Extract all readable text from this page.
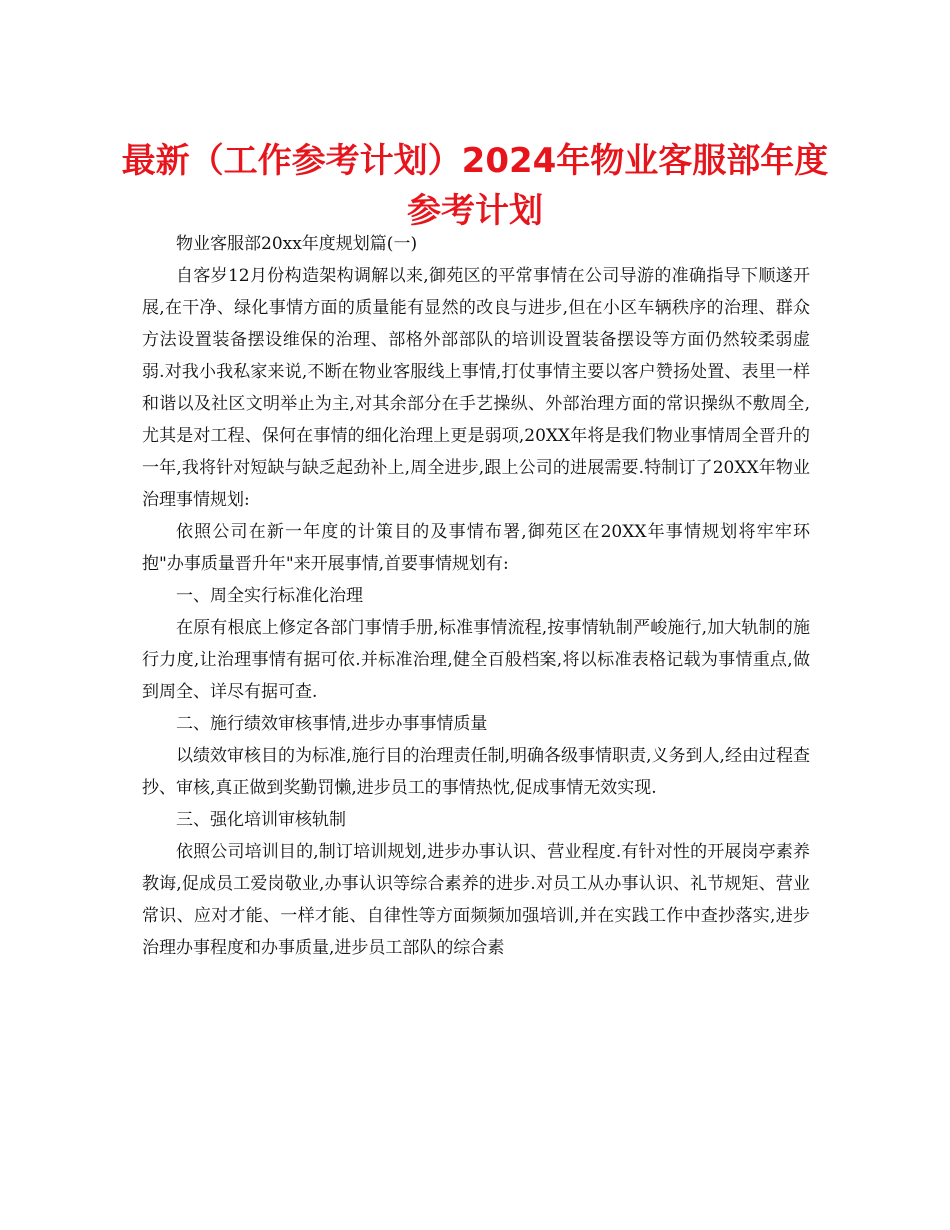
最新（工作参考计划）2024年物业客服部年度参考计划

物业客服部20xx年度规划篇(一)

自客岁12月份构造架构调解以来,御苑区的平常事情在公司导游的准确指导下顺遂开展,在干净、绿化事情方面的质量能有显然的改良与进步,但在小区车辆秩序的治理、群众方法设置装备摆设维保的治理、部格外部部队的培训设置装备摆设等方面仍然较柔弱虚弱.对我小我私家来说,不断在物业客服线上事情,打仗事情主要以客户赞扬处置、表里一样和谐以及社区文明举止为主,对其余部分在手艺操纵、外部治理方面的常识操纵不敷周全,尤其是对工程、保何在事情的细化治理上更是弱项,20XX年将是我们物业事情周全晋升的一年,我将针对短缺与缺乏起劲补上,周全进步,跟上公司的进展需要.特制订了20XX年物业治理事情规划:

依照公司在新一年度的计策目的及事情布署,御苑区在20XX年事情规划将牢牢环抱"办事质量晋升年"来开展事情,首要事情规划有:

一、周全实行标准化治理

在原有根底上修定各部门事情手册,标准事情流程,按事情轨制严峻施行,加大轨制的施行力度,让治理事情有据可依.并标准治理,健全百般档案,将以标准表格记载为事情重点,做到周全、详尽有据可查.

二、施行绩效审核事情,进步办事事情质量

以绩效审核目的为标准,施行目的治理责任制,明确各级事情职责,义务到人,经由过程查抄、审核,真正做到奖勤罚懒,进步员工的事情热忱,促成事情无效实现.

三、强化培训审核轨制

依照公司培训目的,制订培训规划,进步办事认识、营业程度.有针对性的开展岗亭素养教诲,促成员工爱岗敬业,办事认识等综合素养的进步.对员工从办事认识、礼节规矩、营业常识、应对才能、一样才能、自律性等方面频频加强培训,并在实践工作中查抄落实,进步治理办事程度和办事质量,进步员工部队的综合素
